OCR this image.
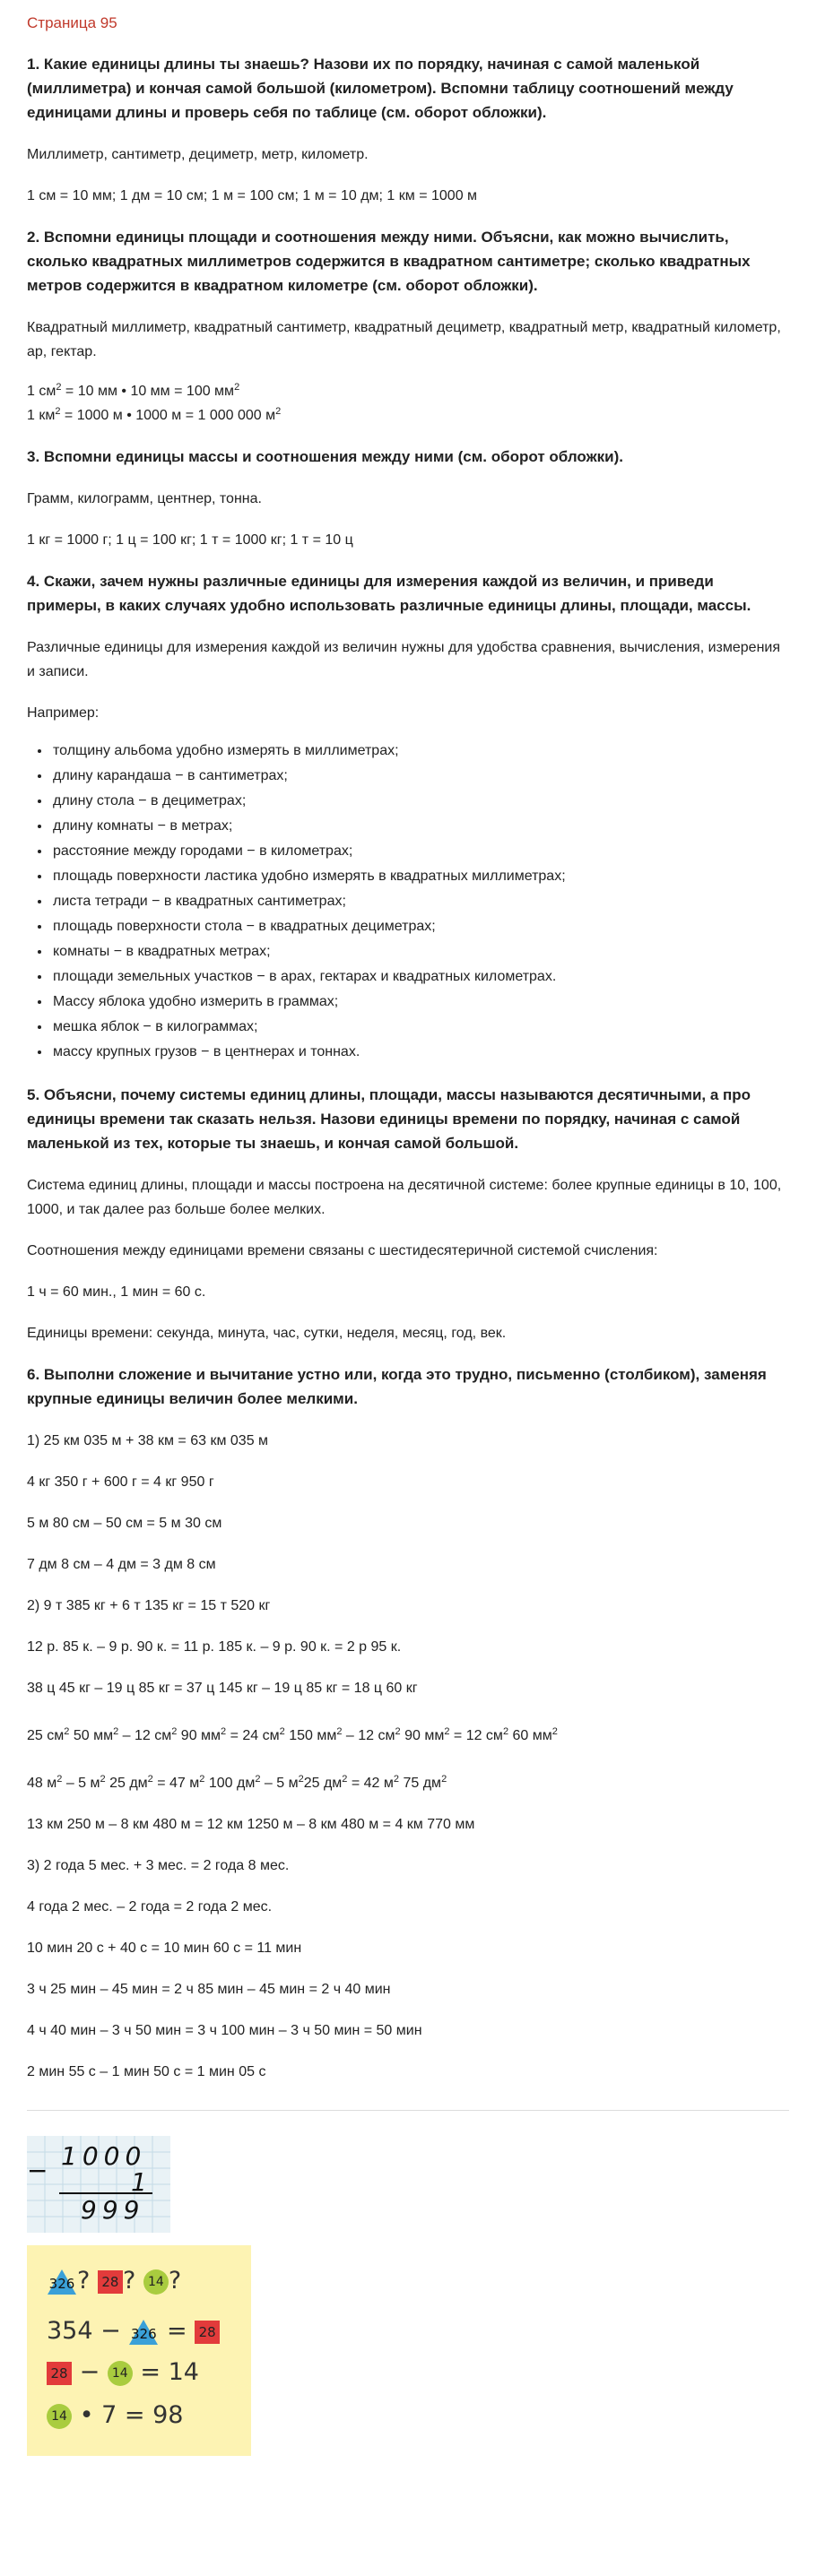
Страница 95

1. Какие единицы длины ты знаешь? Назови их по порядку, начиная с самой маленькой (миллиметра) и кончая самой большой (километром). Вспомни таблицу соотношений между единицами длины и проверь себя по таблице (см. оборот обложки).

Миллиметр, сантиметр, дециметр, метр, километр.

1 см = 10 мм; 1 дм = 10 см; 1 м = 100 см; 1 м = 10 дм; 1 км = 1000 м

2. Вспомни единицы площади и соотношения между ними. Объясни, как можно вычислить, сколько квадратных миллиметров содержится в квадратном сантиметре; сколько квадратных метров содержится в квадратном километре (см. оборот обложки).

Квадратный миллиметр, квадратный сантиметр, квадратный дециметр, квадратный метр, квадратный километр, ар, гектар.

1 $см^2 = 10$ мм • 10 мм = 100 $мм^2$

1 $км^2 = 1000$ м • 1000 м = 1 000 000 $м^2$

3. Вспомни единицы массы и соотношения между ними (см. оборот обложки).

Грамм, килограмм, центнер, тонна.

1 кг = 1000 г; 1 ц = 100 кг; 1 т = 1000 кг; 1 т = 10 ц

4. Скажи, зачем нужны различные единицы для измерения каждой из величин, и приведи примеры, в каких случаях удобно использовать различные единицы длины, площади, массы.

Различные единицы для измерения каждой из величин нужны для удобства сравнения, вычисления, измерения и записи.

Например:

• толщину альбома удобно измерять в миллиметрах;
• длину карандаша − в сантиметрах;
• длину стола − в дециметрах;
• длину комнаты − в метрах;
• расстояние между городами − в километрах;
• площадь поверхности ластика удобно измерять в квадратных миллиметрах;
• листа тетради − в квадратных сантиметрах;
• площадь поверхности стола − в квадратных дециметрах;
• комнаты − в квадратных метрах;
• площади земельных участков − в арах, гектарах и квадратных километрах.
• Массу яблока удобно измерить в граммах;
• мешка яблок − в килограммах;
• массу крупных грузов − в центнерах и тоннах.

5. Объясни, почему системы единиц длины, площади, массы называются десятичными, а про единицы времени так сказать нельзя. Назови единицы времени по порядку, начиная с самой маленькой из тех, которые ты знаешь, и кончая самой большой.

Система единиц длины, площади и массы построена на десятичной системе: более крупные единицы в 10, 100, 1000, и так далее раз больше более мелких.

Соотношения между единицами времени связаны с шестидесятеричной системой счисления:

1 ч = 60 мин., 1 мин = 60 с.

Единицы времени: секунда, минута, час, сутки, неделя, месяц, год, век.

6. Выполни сложение и вычитание устно или, когда это трудно, письменно (столбиком), заменяя крупные единицы величин более мелкими.

1) 25 км 035 м + 38 км = 63 км 035 м

4 кг 350 г + 600 г = 4 кг 950 г

5 м 80 см – 50 см = 5 м 30 см

7 дм 8 см – 4 дм = 3 дм 8 см

2) 9 т 385 кг + 6 т 135 кг = 15 т 520 кг

12 р. 85 к. – 9 р. 90 к. = 11 р. 185 к. – 9 р. 90 к. = 2 р 95 к.

38 ц 45 кг – 19 ц 85 кг = 37 ц 145 кг – 19 ц 85 кг = 18 ц 60 кг

25 $см^2$ 50 $мм^2 - 12$ $см^2$ 90 $мм^2 = 24$ $см^2$ 150 $мм^2 - 12$ $см^2$ 90 $мм^2 = 12$ $см^2$ 60 $мм^2$

48 $м^2 - 5$ $м^2$ 25 $дм^2 = 47$ $м^2$ 100 $дм^2 - 5$ $м^225$ $дм^2 = 42$ $м^2$ 75 $дм^2$

13 км 250 м – 8 км 480 м = 12 км 1250 м – 8 км 480 м = 4 км 770 мм

3) 2 года 5 мес. + 3 мес. = 2 года 8 мес.

4 года 2 мес. – 2 года = 2 года 2 мес.

10 мин 20 с + 40 с = 10 мин 60 с = 11 мин

3 ч 25 мин – 45 мин = 2 ч 85 мин – 45 мин = 2 ч 40 мин

4 ч 40 мин – 3 ч 50 мин = 3 ч 100 мин – 3 ч 50 мин = 50 мин

2 мин 55 с – 1 мин 50 с = 1 мин 05 с

− 1000
1
999
326 ? 28 ? 14 ?
354 − 326 = 28
28 − 14 = 14
14 • 7 = 98
